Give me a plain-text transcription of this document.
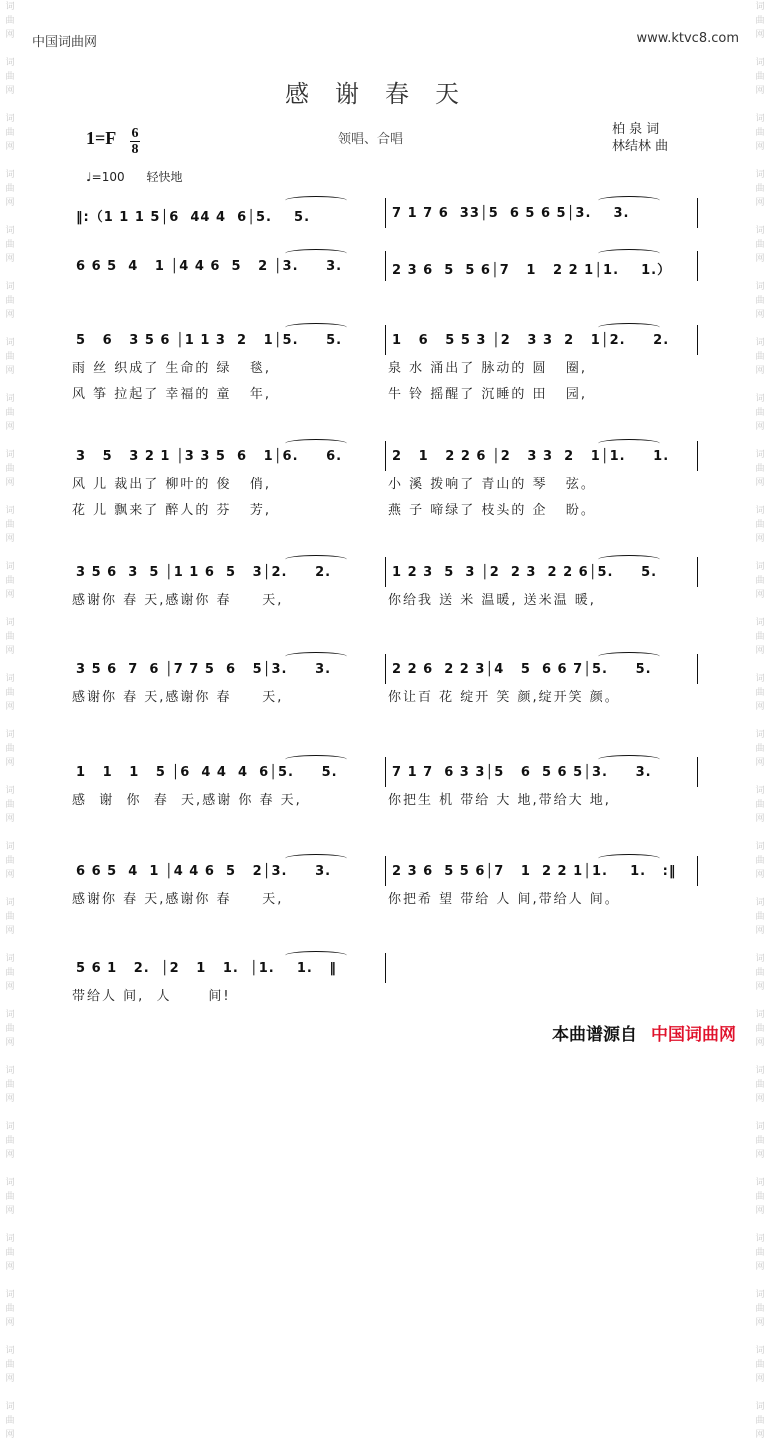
词
曲
网

词
曲
网

词
曲
网

词
曲
网

词
曲
网

词
曲
网

词
曲
网

词
曲
网

词
曲
网

词
曲
网

词
曲
网

词
曲
网

词
曲
网

词
曲
网

词
曲
网

词
曲
网

词
曲
网

词
曲
网

词
曲
网

词
曲
网

词
曲
网

词
曲
网

词
曲
网

词
曲
网

词
曲
网

词
曲
网

词
曲
网

词
曲
网

词
曲
网

词
曲
网

词
曲
网

词
曲
网

词
曲
网

词
曲
网

词
曲
网

词
曲
网

词
曲
网

词
曲
网

词
曲
网

词
曲
网

词
曲
网

词
曲
网

词
曲
网

词
曲
网

词
曲
网

词
曲
网

词
曲
网

词
曲
网

词
曲
网

词
曲
网

词
曲
网

词
曲
网

中国词曲网	www.ktvc8.com
感谢春天
1=F 6
8
领唱、合唱
柏 泉 词
林结林 曲
♩=100 轻快地
‖:（1 1 1 5│6  44 4  6│5.    5.	7 1 7 6  33│5  6 5 6 5│3.    3.
6 6 5  4   1 │4 4 6  5   2 │3.     3.	2 3 6  5  5 6│7   1   2 2 1│1.    1.）
5   6   3 5 6 │1 1 3  2   1│5.     5.	1   6   5 5 3 │2   3 3  2   1│2.     2.
雨 丝 织成了 生命的 绿   毯,	泉 水 涌出了 脉动的 圆   圈,
风 筝 拉起了 幸福的 童   年,	牛 铃 摇醒了 沉睡的 田   园,
3   5   3 2 1 │3 3 5  6   1│6.     6.	2   1   2 2 6 │2   3 3  2   1│1.     1.
风 儿 裁出了 柳叶的 俊   俏,	小 溪 拨响了 青山的 琴   弦。
花 儿 飘来了 醉人的 芬   芳,	燕 子 啼绿了 枝头的 企   盼。
3 5 6  3  5 │1 1 6  5   3│2.     2.	1 2 3  5  3 │2  2 3  2 2 6│5.     5.
感谢你 春 天,感谢你 春     天,	你给我 送 米 温暖, 送米温 暖,
3 5 6  7  6 │7 7 5  6   5│3.     3.	2 2 6  2 2 3│4   5  6 6 7│5.     5.
感谢你 春 天,感谢你 春     天,	你让百 花 绽开 笑 颜,绽开笑 颜。
1   1   1   5 │6  4 4  4  6│5.     5.	7 1 7  6 3 3│5   6  5 6 5│3.     3.
感  谢  你  春  天,感谢 你 春 天,	你把生 机 带给 大 地,带给大 地,
6 6 5  4  1 │4 4 6  5   2│3.     3.	2 3 6  5 5 6│7   1  2 2 1│1.    1.   :‖
感谢你 春 天,感谢你 春     天,	你把希 望 带给 人 间,带给人 间。
5 6 1   2.  │2   1   1.  │1.    1.   ‖
带给人 间,  人      间!
本曲谱源自 中国词曲网
